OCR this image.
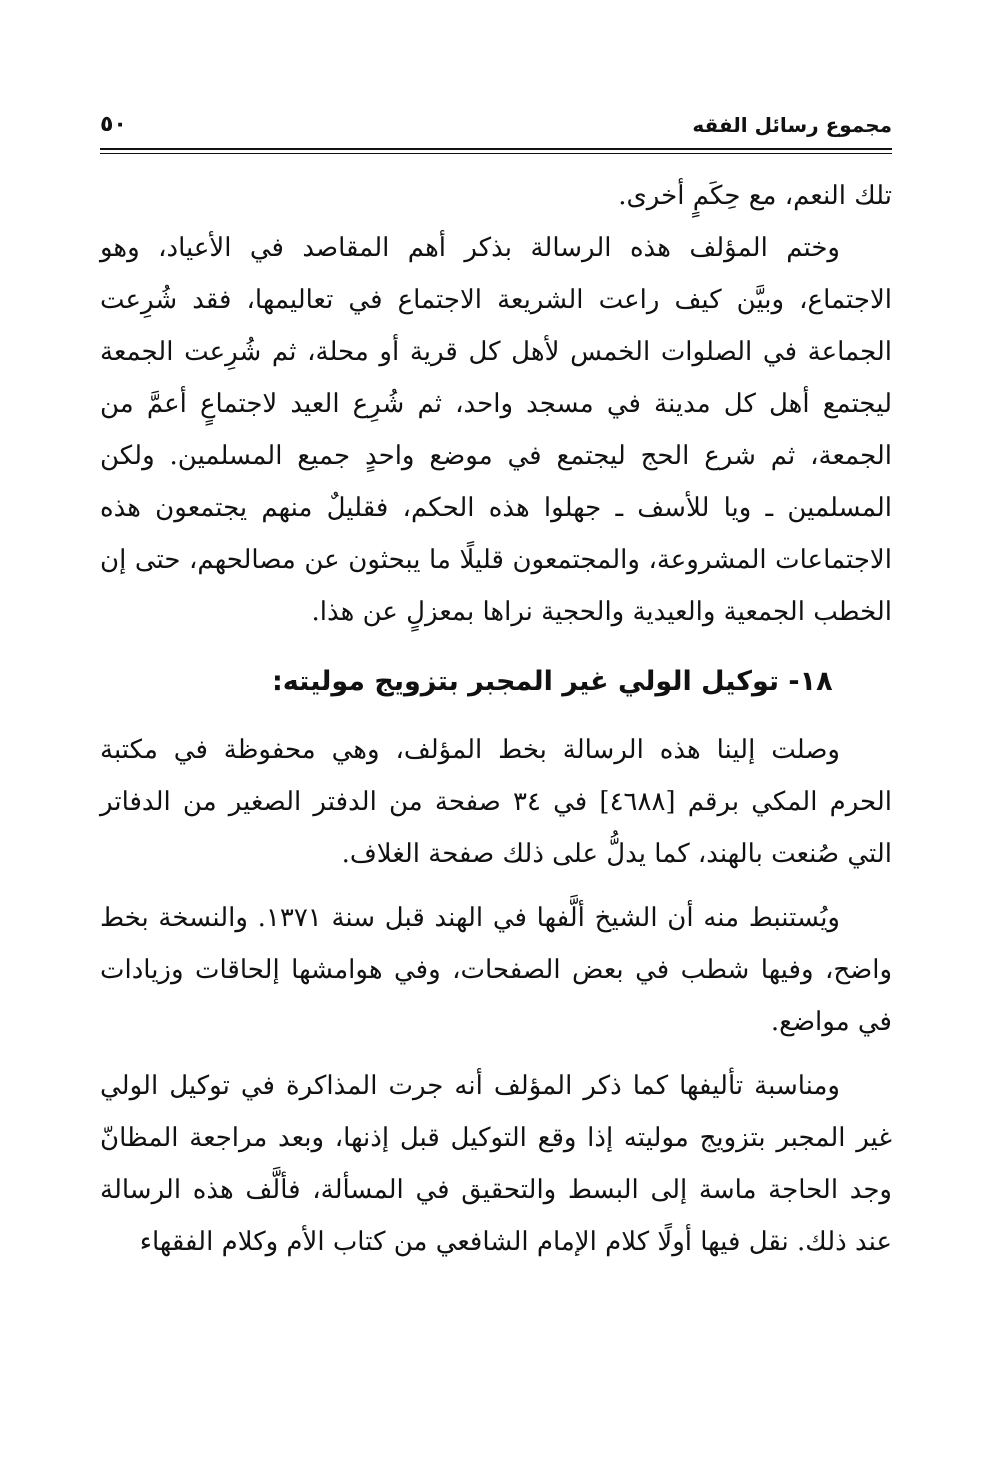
مجموع رسائل الفقه
٥٠

تلك النعم، مع حِكَمٍ أخرى.

وختم المؤلف هذه الرسالة بذكر أهم المقاصد في الأعياد، وهو الاجتماع، وبيَّن كيف راعت الشريعة الاجتماع في تعاليمها، فقد شُرِعت الجماعة في الصلوات الخمس لأهل كل قرية أو محلة، ثم شُرِعت الجمعة ليجتمع أهل كل مدينة في مسجد واحد، ثم شُرِع العيد لاجتماعٍ أعمَّ من الجمعة، ثم شرع الحج ليجتمع في موضع واحدٍ جميع المسلمين. ولكن المسلمين ـ ويا للأسف ـ جهلوا هذه الحكم، فقليلٌ منهم يجتمعون هذه الاجتماعات المشروعة، والمجتمعون قليلًا ما يبحثون عن مصالحهم، حتى إن الخطب الجمعية والعيدية والحجية نراها بمعزلٍ عن هذا.

١٨- توكيل الولي غير المجبر بتزويج موليته:

وصلت إلينا هذه الرسالة بخط المؤلف، وهي محفوظة في مكتبة الحرم المكي برقم [٤٦٨٨] في ٣٤ صفحة من الدفتر الصغير من الدفاتر التي صُنعت بالهند، كما يدلُّ على ذلك صفحة الغلاف.

ويُستنبط منه أن الشيخ ألَّفها في الهند قبل سنة ١٣٧١. والنسخة بخط واضح، وفيها شطب في بعض الصفحات، وفي هوامشها إلحاقات وزيادات في مواضع.

ومناسبة تأليفها كما ذكر المؤلف أنه جرت المذاكرة في توكيل الولي غير المجبر بتزويج موليته إذا وقع التوكيل قبل إذنها، وبعد مراجعة المظانّ وجد الحاجة ماسة إلى البسط والتحقيق في المسألة، فألَّف هذه الرسالة عند ذلك. نقل فيها أولًا كلام الإمام الشافعي من كتاب الأم وكلام الفقهاء
